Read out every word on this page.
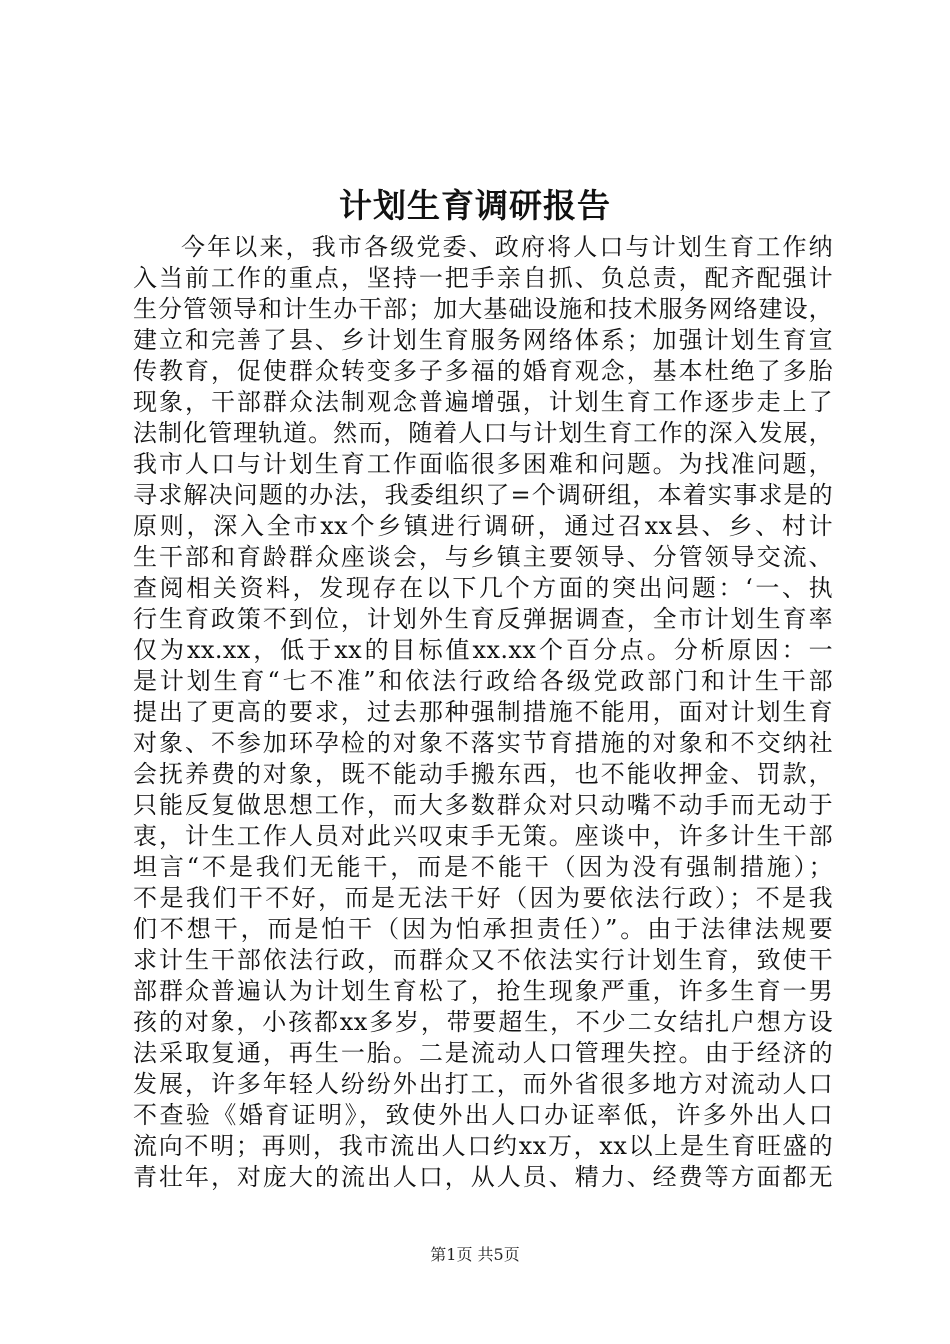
计划生育调研报告
今年以来，我市各级党委、政府将人口与计划生育工作纳
入当前工作的重点，坚持一把手亲自抓、负总责，配齐配强计
生分管领导和计生办干部；加大基础设施和技术服务网络建设，
建立和完善了县、乡计划生育服务网络体系；加强计划生育宣
传教育，促使群众转变多子多福的婚育观念，基本杜绝了多胎
现象，干部群众法制观念普遍增强，计划生育工作逐步走上了
法制化管理轨道。然而，随着人口与计划生育工作的深入发展，
我市人口与计划生育工作面临很多困难和问题。为找准问题，
寻求解决问题的办法，我委组织了=个调研组，本着实事求是的
原则，深入全市xx个乡镇进行调研，通过召xx县、乡、村计
生干部和育龄群众座谈会，与乡镇主要领导、分管领导交流、
查阅相关资料，发现存在以下几个方面的突出问题：‘一、执
行生育政策不到位，计划外生育反弹据调查，全市计划生育率
仅为xx.xx，低于xx的目标值xx.xx个百分点。分析原因：一
是计划生育“七不准”和依法行政给各级党政部门和计生干部
提出了更高的要求，过去那种强制措施不能用，面对计划生育
对象、不参加环孕检的对象不落实节育措施的对象和不交纳社
会抚养费的对象，既不能动手搬东西，也不能收押金、罚款，
只能反复做思想工作，而大多数群众对只动嘴不动手而无动于
衷，计生工作人员对此兴叹束手无策。座谈中，许多计生干部
坦言“不是我们无能干，而是不能干（因为没有强制措施）；
不是我们干不好，而是无法干好（因为要依法行政）；不是我
们不想干，而是怕干（因为怕承担责任）”。由于法律法规要
求计生干部依法行政，而群众又不依法实行计划生育，致使干
部群众普遍认为计划生育松了，抢生现象严重，许多生育一男
孩的对象，小孩都xx多岁，带要超生，不少二女结扎户想方设
法采取复通，再生一胎。二是流动人口管理失控。由于经济的
发展，许多年轻人纷纷外出打工，而外省很多地方对流动人口
不查验《婚育证明》，致使外出人口办证率低，许多外出人口
流向不明；再则，我市流出人口约xx万，xx以上是生育旺盛的
青壮年，对庞大的流出人口，从人员、精力、经费等方面都无
第1页 共5页
